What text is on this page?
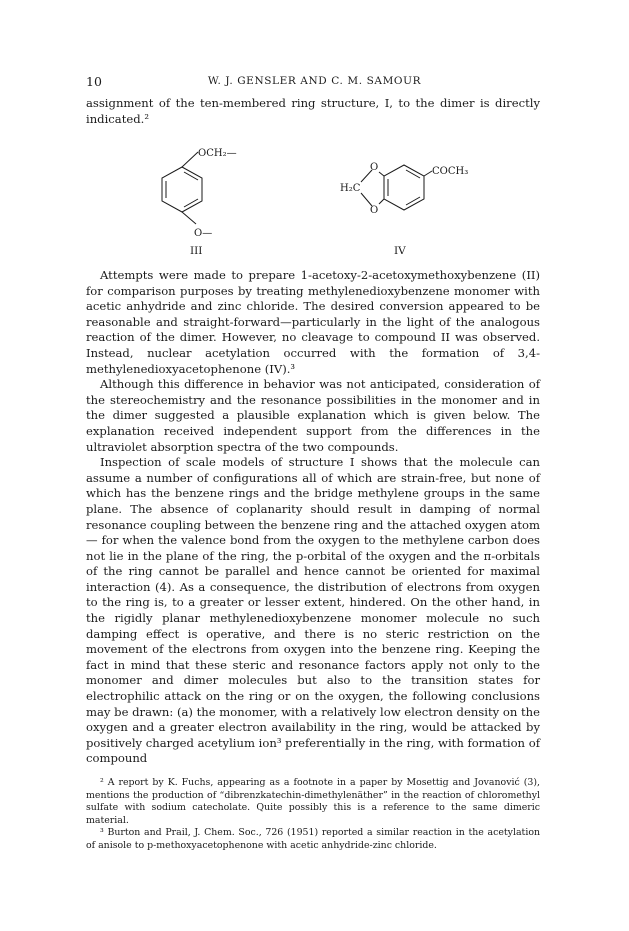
10	W. J. GENSLER AND C. M. SAMOUR

assignment of the ten-membered ring structure, I, to the dimer is directly indicated.²

OCH₂—
O—
III
O
O
H₂C
COCH₃
IV

Attempts were made to prepare 1-acetoxy-2-acetoxymethoxybenzene (II) for comparison purposes by treating methylenedioxybenzene monomer with acetic anhydride and zinc chloride. The desired conversion appeared to be reasonable and straight-forward—particularly in the light of the analogous reaction of the dimer. However, no cleavage to compound II was observed. Instead, nuclear acetylation occurred with the formation of 3,4-methylenedioxyacetophenone (IV).³

Although this difference in behavior was not anticipated, consideration of the stereochemistry and the resonance possibilities in the monomer and in the dimer suggested a plausible explanation which is given below. The explanation received independent support from the differences in the ultraviolet absorption spectra of the two compounds.

Inspection of scale models of structure I shows that the molecule can assume a number of configurations all of which are strain-free, but none of which has the benzene rings and the bridge methylene groups in the same plane. The absence of coplanarity should result in damping of normal resonance coupling between the benzene ring and the attached oxygen atom — for when the valence bond from the oxygen to the methylene carbon does not lie in the plane of the ring, the p-orbital of the oxygen and the π-orbitals of the ring cannot be parallel and hence cannot be oriented for maximal interaction (4). As a consequence, the distribution of electrons from oxygen to the ring is, to a greater or lesser extent, hindered. On the other hand, in the rigidly planar methylenedioxybenzene monomer molecule no such damping effect is operative, and there is no steric restriction on the movement of the electrons from oxygen into the benzene ring. Keeping the fact in mind that these steric and resonance factors apply not only to the monomer and dimer molecules but also to the transition states for electrophilic attack on the ring or on the oxygen, the following conclusions may be drawn: (a) the monomer, with a relatively low electron density on the oxygen and a greater electron availability in the ring, would be attacked by positively charged acetylium ion³ preferentially in the ring, with formation of compound

² A report by K. Fuchs, appearing as a footnote in a paper by Mosettig and Jovanović (3), mentions the production of “dibrenzkatechin-dimethylenäther” in the reaction of chloromethyl sulfate with sodium catecholate. Quite possibly this is a reference to the same dimeric material.

³ Burton and Prail, J. Chem. Soc., 726 (1951) reported a similar reaction in the acetylation of anisole to p-methoxyacetophenone with acetic anhydride-zinc chloride.
